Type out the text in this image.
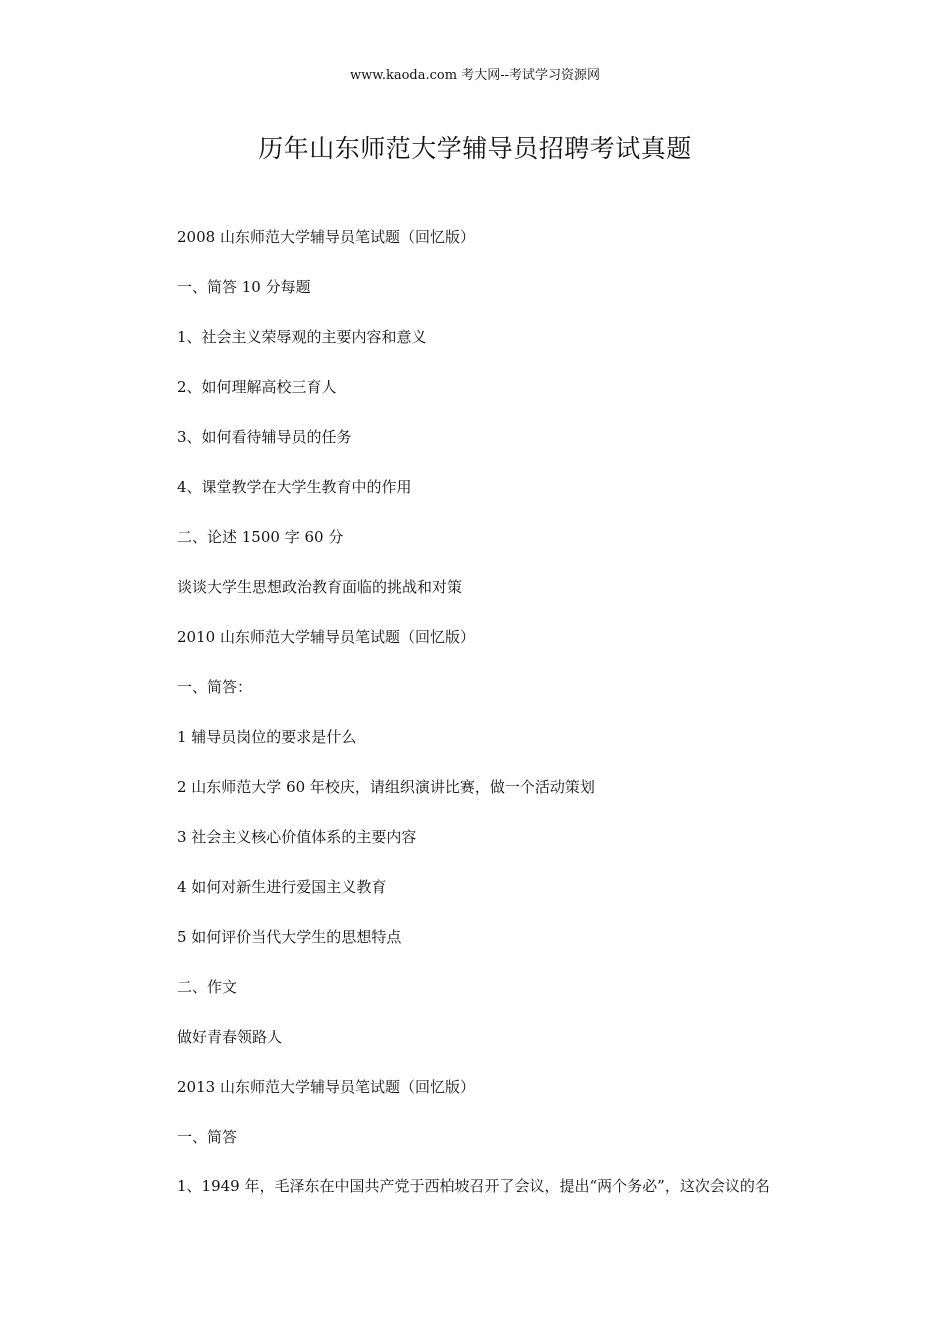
www.kaoda.com 考大网--考试学习资源网
历年山东师范大学辅导员招聘考试真题

2008 山东师范大学辅导员笔试题（回忆版）

一、简答 10 分每题

1、社会主义荣辱观的主要内容和意义

2、如何理解高校三育人

3、如何看待辅导员的任务

4、课堂教学在大学生教育中的作用

二、论述 1500 字 60 分

谈谈大学生思想政治教育面临的挑战和对策

2010 山东师范大学辅导员笔试题（回忆版）

一、简答：

1 辅导员岗位的要求是什么

2 山东师范大学 60 年校庆，请组织演讲比赛，做一个活动策划

3 社会主义核心价值体系的主要内容

4 如何对新生进行爱国主义教育

5 如何评价当代大学生的思想特点

二、作文

做好青春领路人

2013 山东师范大学辅导员笔试题（回忆版）

一、简答

1、1949 年，毛泽东在中国共产党于西柏坡召开了会议，提出“两个务必”，这次会议的名
